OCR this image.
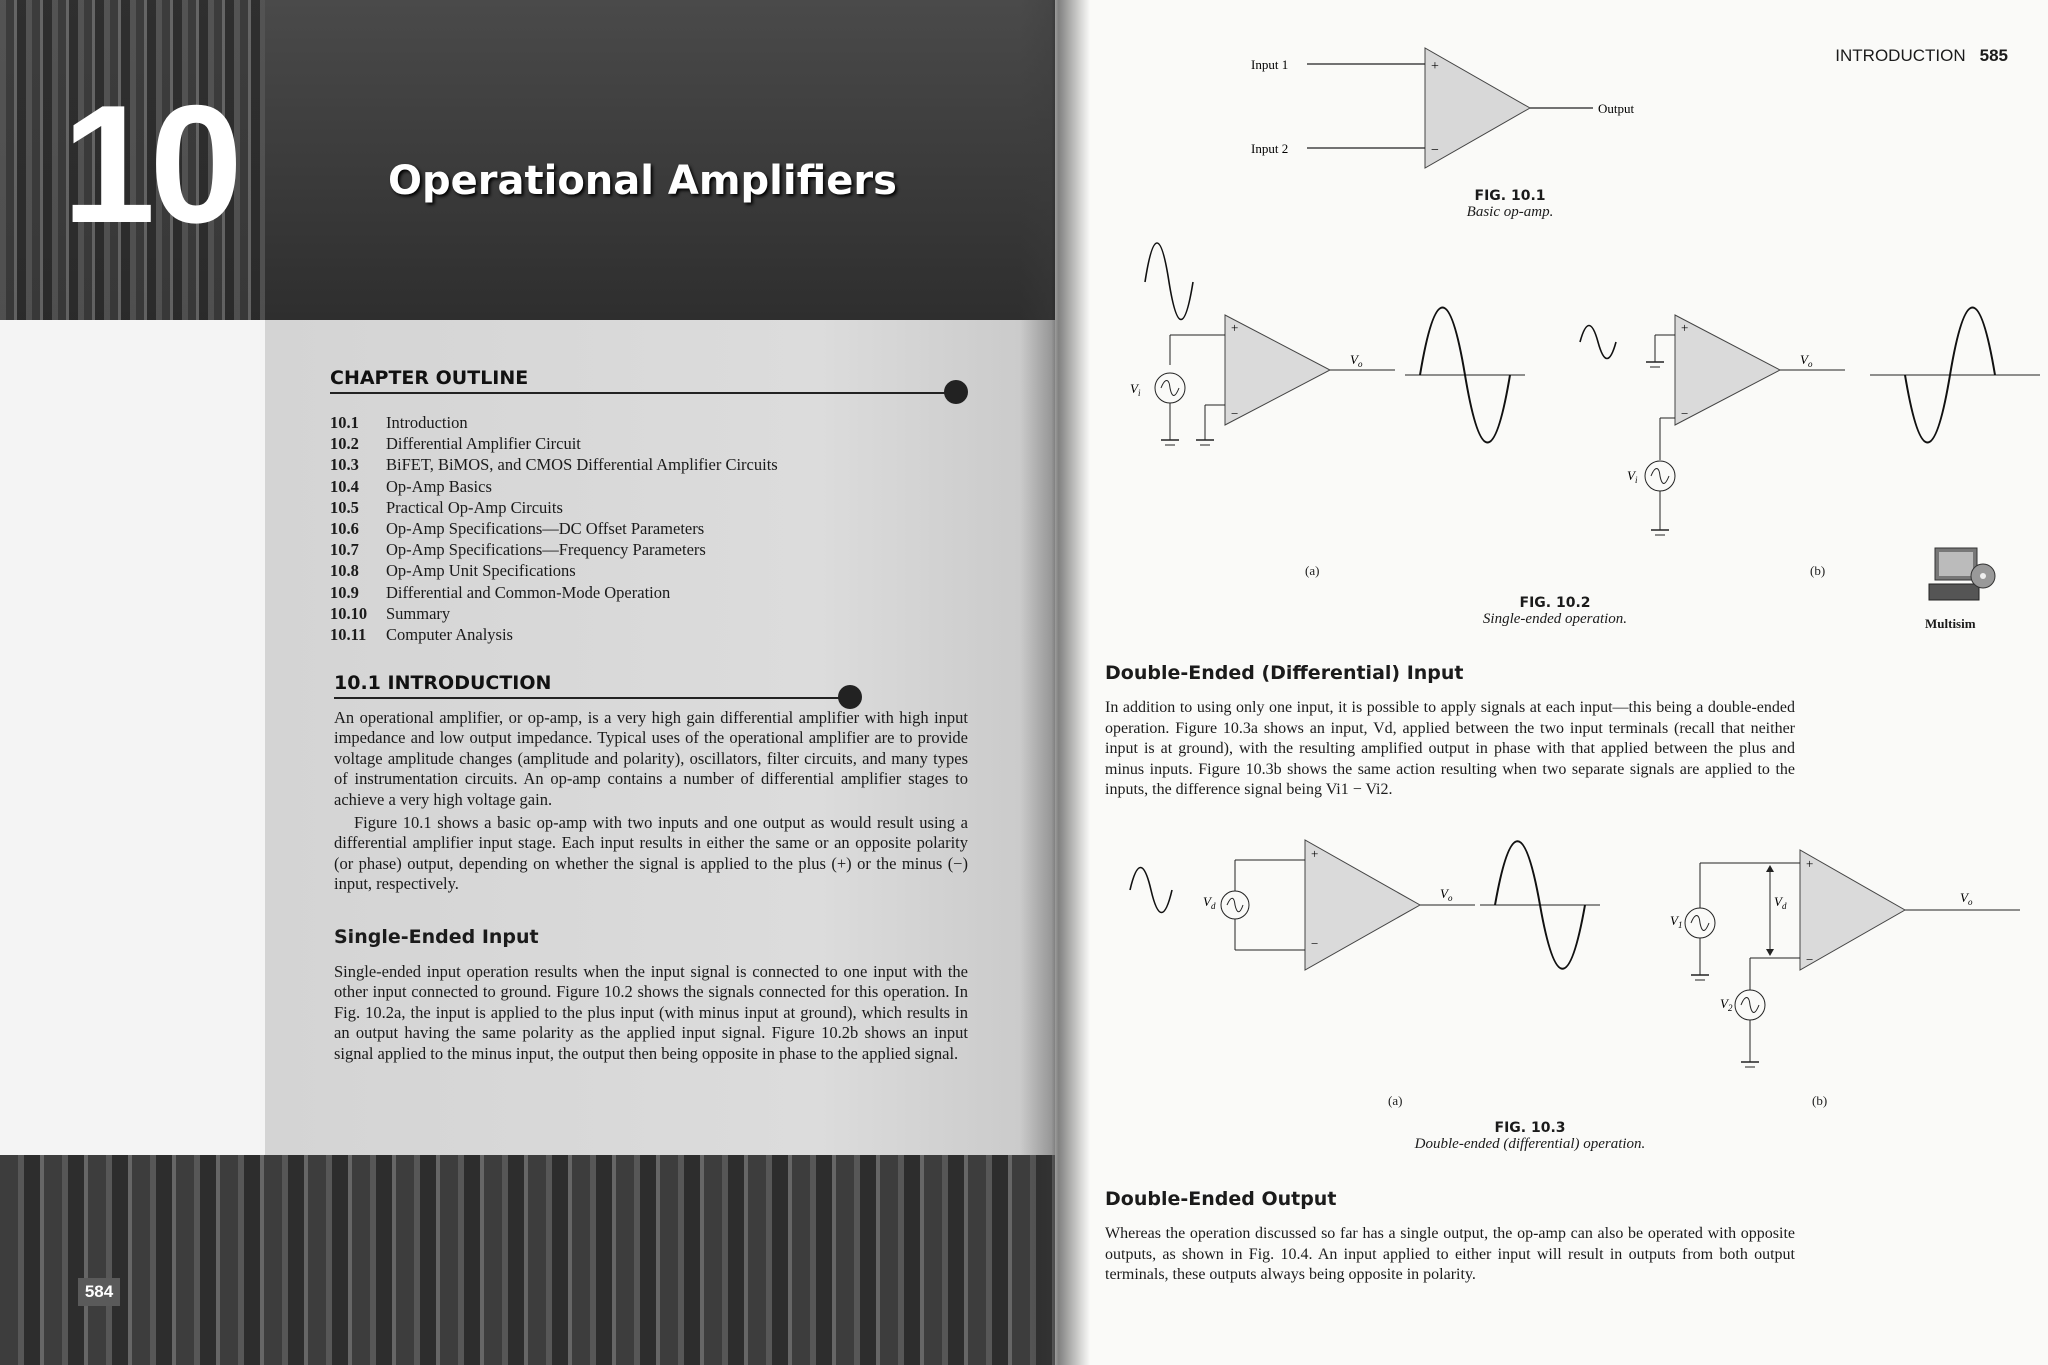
10	Operational Amplifiers
CHAPTER OUTLINE
10.1	Introduction
10.2	Differential Amplifier Circuit
10.3	BiFET, BiMOS, and CMOS Differential Amplifier Circuits
10.4	Op-Amp Basics
10.5	Practical Op-Amp Circuits
10.6	Op-Amp Specifications—DC Offset Parameters
10.7	Op-Amp Specifications—Frequency Parameters
10.8	Op-Amp Unit Specifications
10.9	Differential and Common-Mode Operation
10.10	Summary
10.11	Computer Analysis
10.1 INTRODUCTION
An operational amplifier, or op-amp, is a very high gain differential amplifier with high input impedance and low output impedance. Typical uses of the operational amplifier are to provide voltage amplitude changes (amplitude and polarity), oscillators, filter circuits, and many types of instrumentation circuits. An op-amp contains a number of differential amplifier stages to achieve a very high voltage gain.
Figure 10.1 shows a basic op-amp with two inputs and one output as would result using a differential amplifier input stage. Each input results in either the same or an opposite polarity (or phase) output, depending on whether the signal is applied to the plus (+) or the minus (−) input, respectively.
Single-Ended Input
Single-ended input operation results when the input signal is connected to one input with the other input connected to ground. Figure 10.2 shows the signals connected for this operation. In Fig. 10.2a, the input is applied to the plus input (with minus input at ground), which results in an output having the same polarity as the applied input signal. Figure 10.2b shows an input signal applied to the minus input, the output then being opposite in phase to the applied signal.
584
INTRODUCTION 585
+
−
Input 1
Input 2
Output
FIG. 10.1
Basic op-amp.
+
−
$V_i$
$V_o$
(a)
+
−
$V_i$
$V_o$
(b)
Multisim
FIG. 10.2
Single-ended operation.
Double-Ended (Differential) Input
In addition to using only one input, it is possible to apply signals at each input—this being a double-ended operation. Figure 10.3a shows an input, Vd, applied between the two input terminals (recall that neither input is at ground), with the resulting amplified output in phase with that applied between the plus and minus inputs. Figure 10.3b shows the same action resulting when two separate signals are applied to the inputs, the difference signal being Vi1 − Vi2.
+
−
$V_d$
$V_o$
(a)
+
−
$V_d$
$V_1$
$V_2$
$V_o$
(b)
FIG. 10.3
Double-ended (differential) operation.
Double-Ended Output
Whereas the operation discussed so far has a single output, the op-amp can also be operated with opposite outputs, as shown in Fig. 10.4. An input applied to either input will result in outputs from both output terminals, these outputs always being opposite in polarity.
